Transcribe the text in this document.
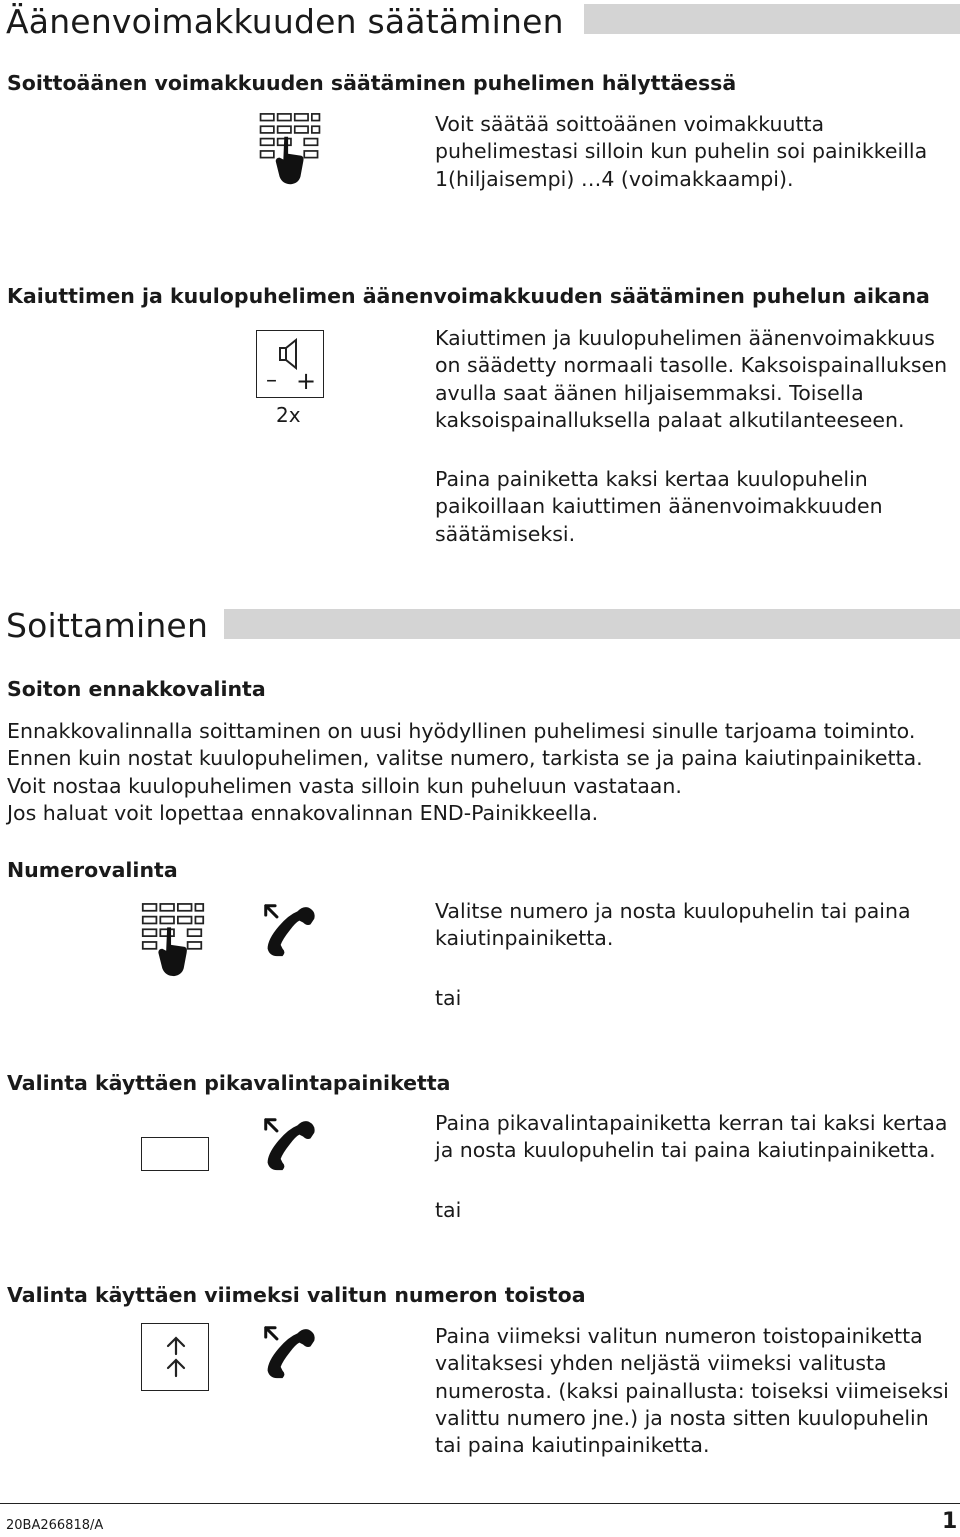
Äänenvoimakkuuden säätäminen
Soittoäänen voimakkuuden säätäminen puhelimen hälyttäessä
Voit säätää soittoäänen voimakkuutta
puhelimestasi silloin kun puhelin soi painikkeilla
1(hiljaisempi) …4 (voimakkaampi).
Kaiuttimen ja kuulopuhelimen äänenvoimakkuuden säätäminen puhelun aikana
– +
2x
Kaiuttimen ja kuulopuhelimen äänenvoimakkuus
on säädetty normaali tasolle. Kaksoispainalluksen
avulla saat äänen hiljaisemmaksi. Toisella
kaksoispainalluksella palaat alkutilanteeseen.
Paina painiketta kaksi kertaa kuulopuhelin
paikoillaan kaiuttimen äänenvoimakkuuden
säätämiseksi.
Soittaminen
Soiton ennakkovalinta
Ennakkovalinnalla soittaminen on uusi hyödyllinen puhelimesi sinulle tarjoama toiminto.
Ennen kuin nostat kuulopuhelimen, valitse numero, tarkista se ja paina kaiutinpainiketta.
Voit nostaa kuulopuhelimen vasta silloin kun puheluun vastataan.
Jos haluat voit lopettaa ennakovalinnan END-Painikkeella.
Numerovalinta
Valitse numero ja nosta kuulopuhelin tai paina
kaiutinpainiketta.
tai
Valinta käyttäen pikavalintapainiketta
Paina pikavalintapainiketta kerran tai kaksi kertaa
ja nosta kuulopuhelin tai paina kaiutinpainiketta.
tai
Valinta käyttäen viimeksi valitun numeron toistoa
Paina viimeksi valitun numeron toistopainiketta
valitaksesi yhden neljästä viimeksi valitusta
numerosta. (kaksi painallusta: toiseksi viimeiseksi
valittu numero jne.) ja nosta sitten kuulopuhelin
tai paina kaiutinpainiketta.
20BA266818/A	1
